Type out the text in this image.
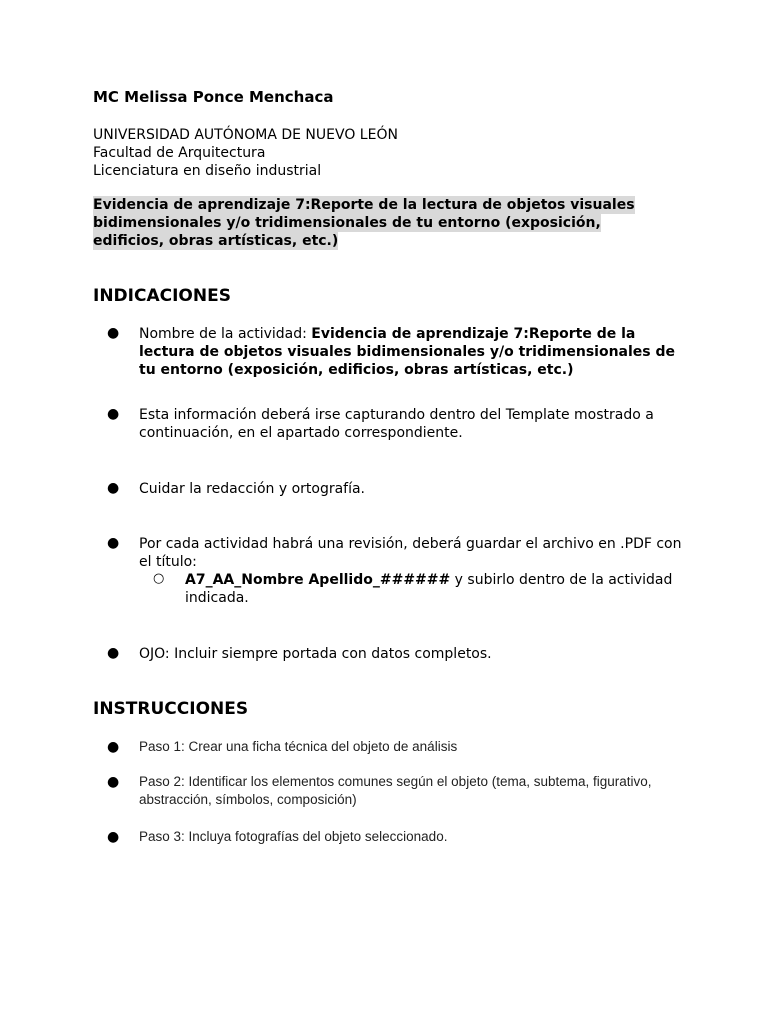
MC Melissa Ponce Menchaca
UNIVERSIDAD AUTÓNOMA DE NUEVO LEÓN
Facultad de Arquitectura
Licenciatura en diseño industrial
Evidencia de aprendizaje 7:Reporte de la lectura de objetos visuales bidimensionales y/o tridimensionales de tu entorno (exposición, edificios, obras artísticas, etc.)
INDICACIONES
● Nombre de la actividad: Evidencia de aprendizaje 7:Reporte de la lectura de objetos visuales bidimensionales y/o tridimensionales de tu entorno (exposición, edificios, obras artísticas, etc.)
● Esta información deberá irse capturando dentro del Template mostrado a continuación, en el apartado correspondiente.
● Cuidar la redacción y ortografía.
● Por cada actividad habrá una revisión, deberá guardar el archivo en .PDF con el título:
○ A7_AA_Nombre Apellido_###### y subirlo dentro de la actividad indicada.
● OJO: Incluir siempre portada con datos completos.
INSTRUCCIONES
● Paso 1: Crear una ficha técnica del objeto de análisis
● Paso 2: Identificar los elementos comunes según el objeto (tema, subtema, figurativo, abstracción, símbolos, composición)
● Paso 3: Incluya fotografías del objeto seleccionado.
